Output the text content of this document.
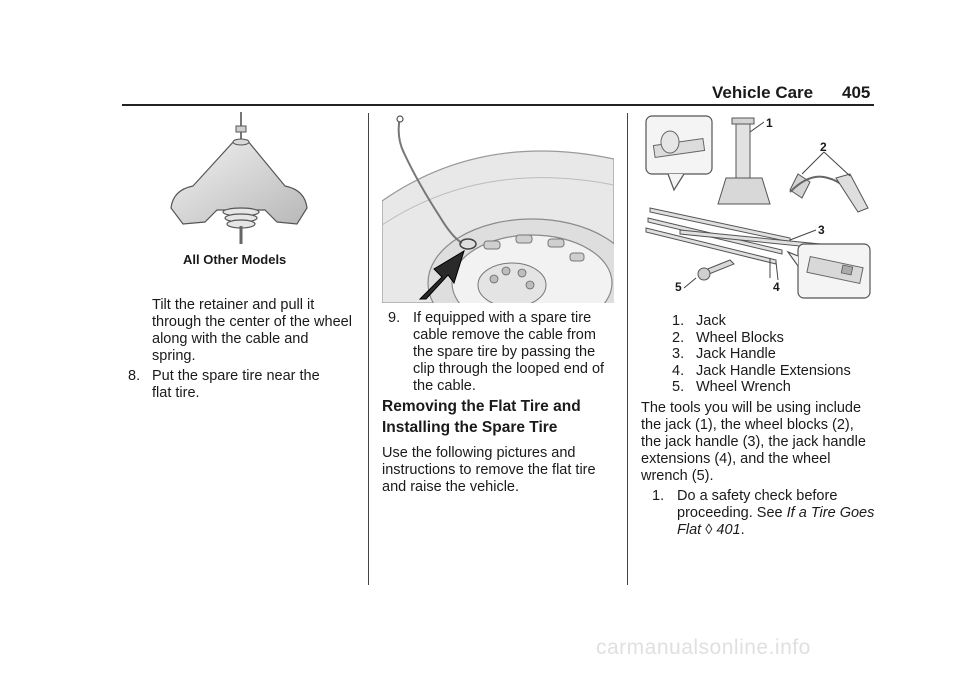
Vehicle Care 405
All Other Models
Tilt the retainer and pull it
through the center of the wheel
along with the cable and
spring.
8. Put the spare tire near the
flat tire.
9. If equipped with a spare tire
cable remove the cable from
the spare tire by passing the
clip through the looped end of
the cable.
Removing the Flat Tire and
Installing the Spare Tire
Use the following pictures and
instructions to remove the flat tire
and raise the vehicle.
1
2
3
4
5
1. Jack
2. Wheel Blocks
3. Jack Handle
4. Jack Handle Extensions
5. Wheel Wrench
The tools you will be using include
the jack (1), the wheel blocks (2),
the jack handle (3), the jack handle
extensions (4), and the wheel
wrench (5).
1. Do a safety check before
proceeding. See If a Tire Goes
Flat ◊ 401.
carmanualsonline.info
